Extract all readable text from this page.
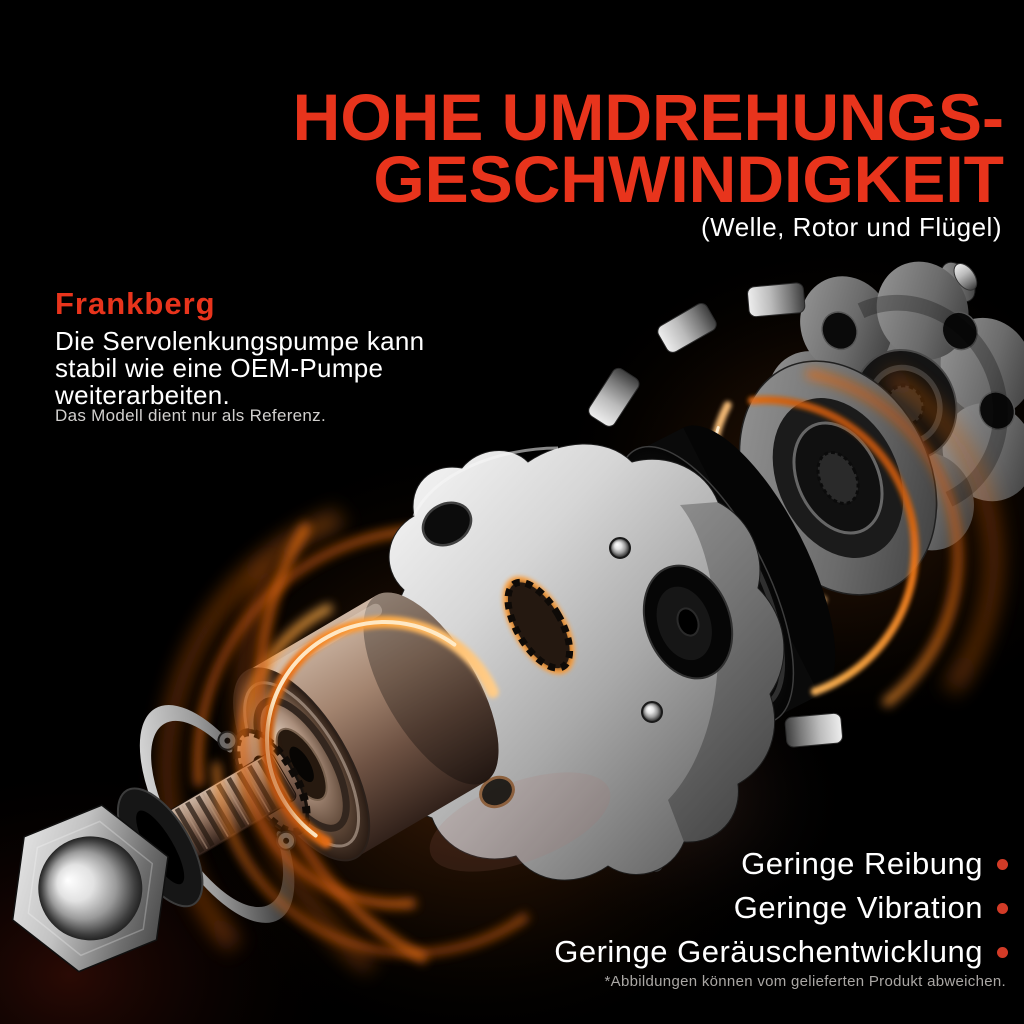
HOHE UMDREHUNGS-
GESCHWINDIGKEIT
(Welle, Rotor und Flügel)
Frankberg
Die Servolenkungspumpe kann
stabil wie eine OEM-Pumpe
weiterarbeiten.
Das Modell dient nur als Referenz.
Geringe Reibung
Geringe Vibration
Geringe Geräuschentwicklung
*Abbildungen können vom gelieferten Produkt abweichen.
